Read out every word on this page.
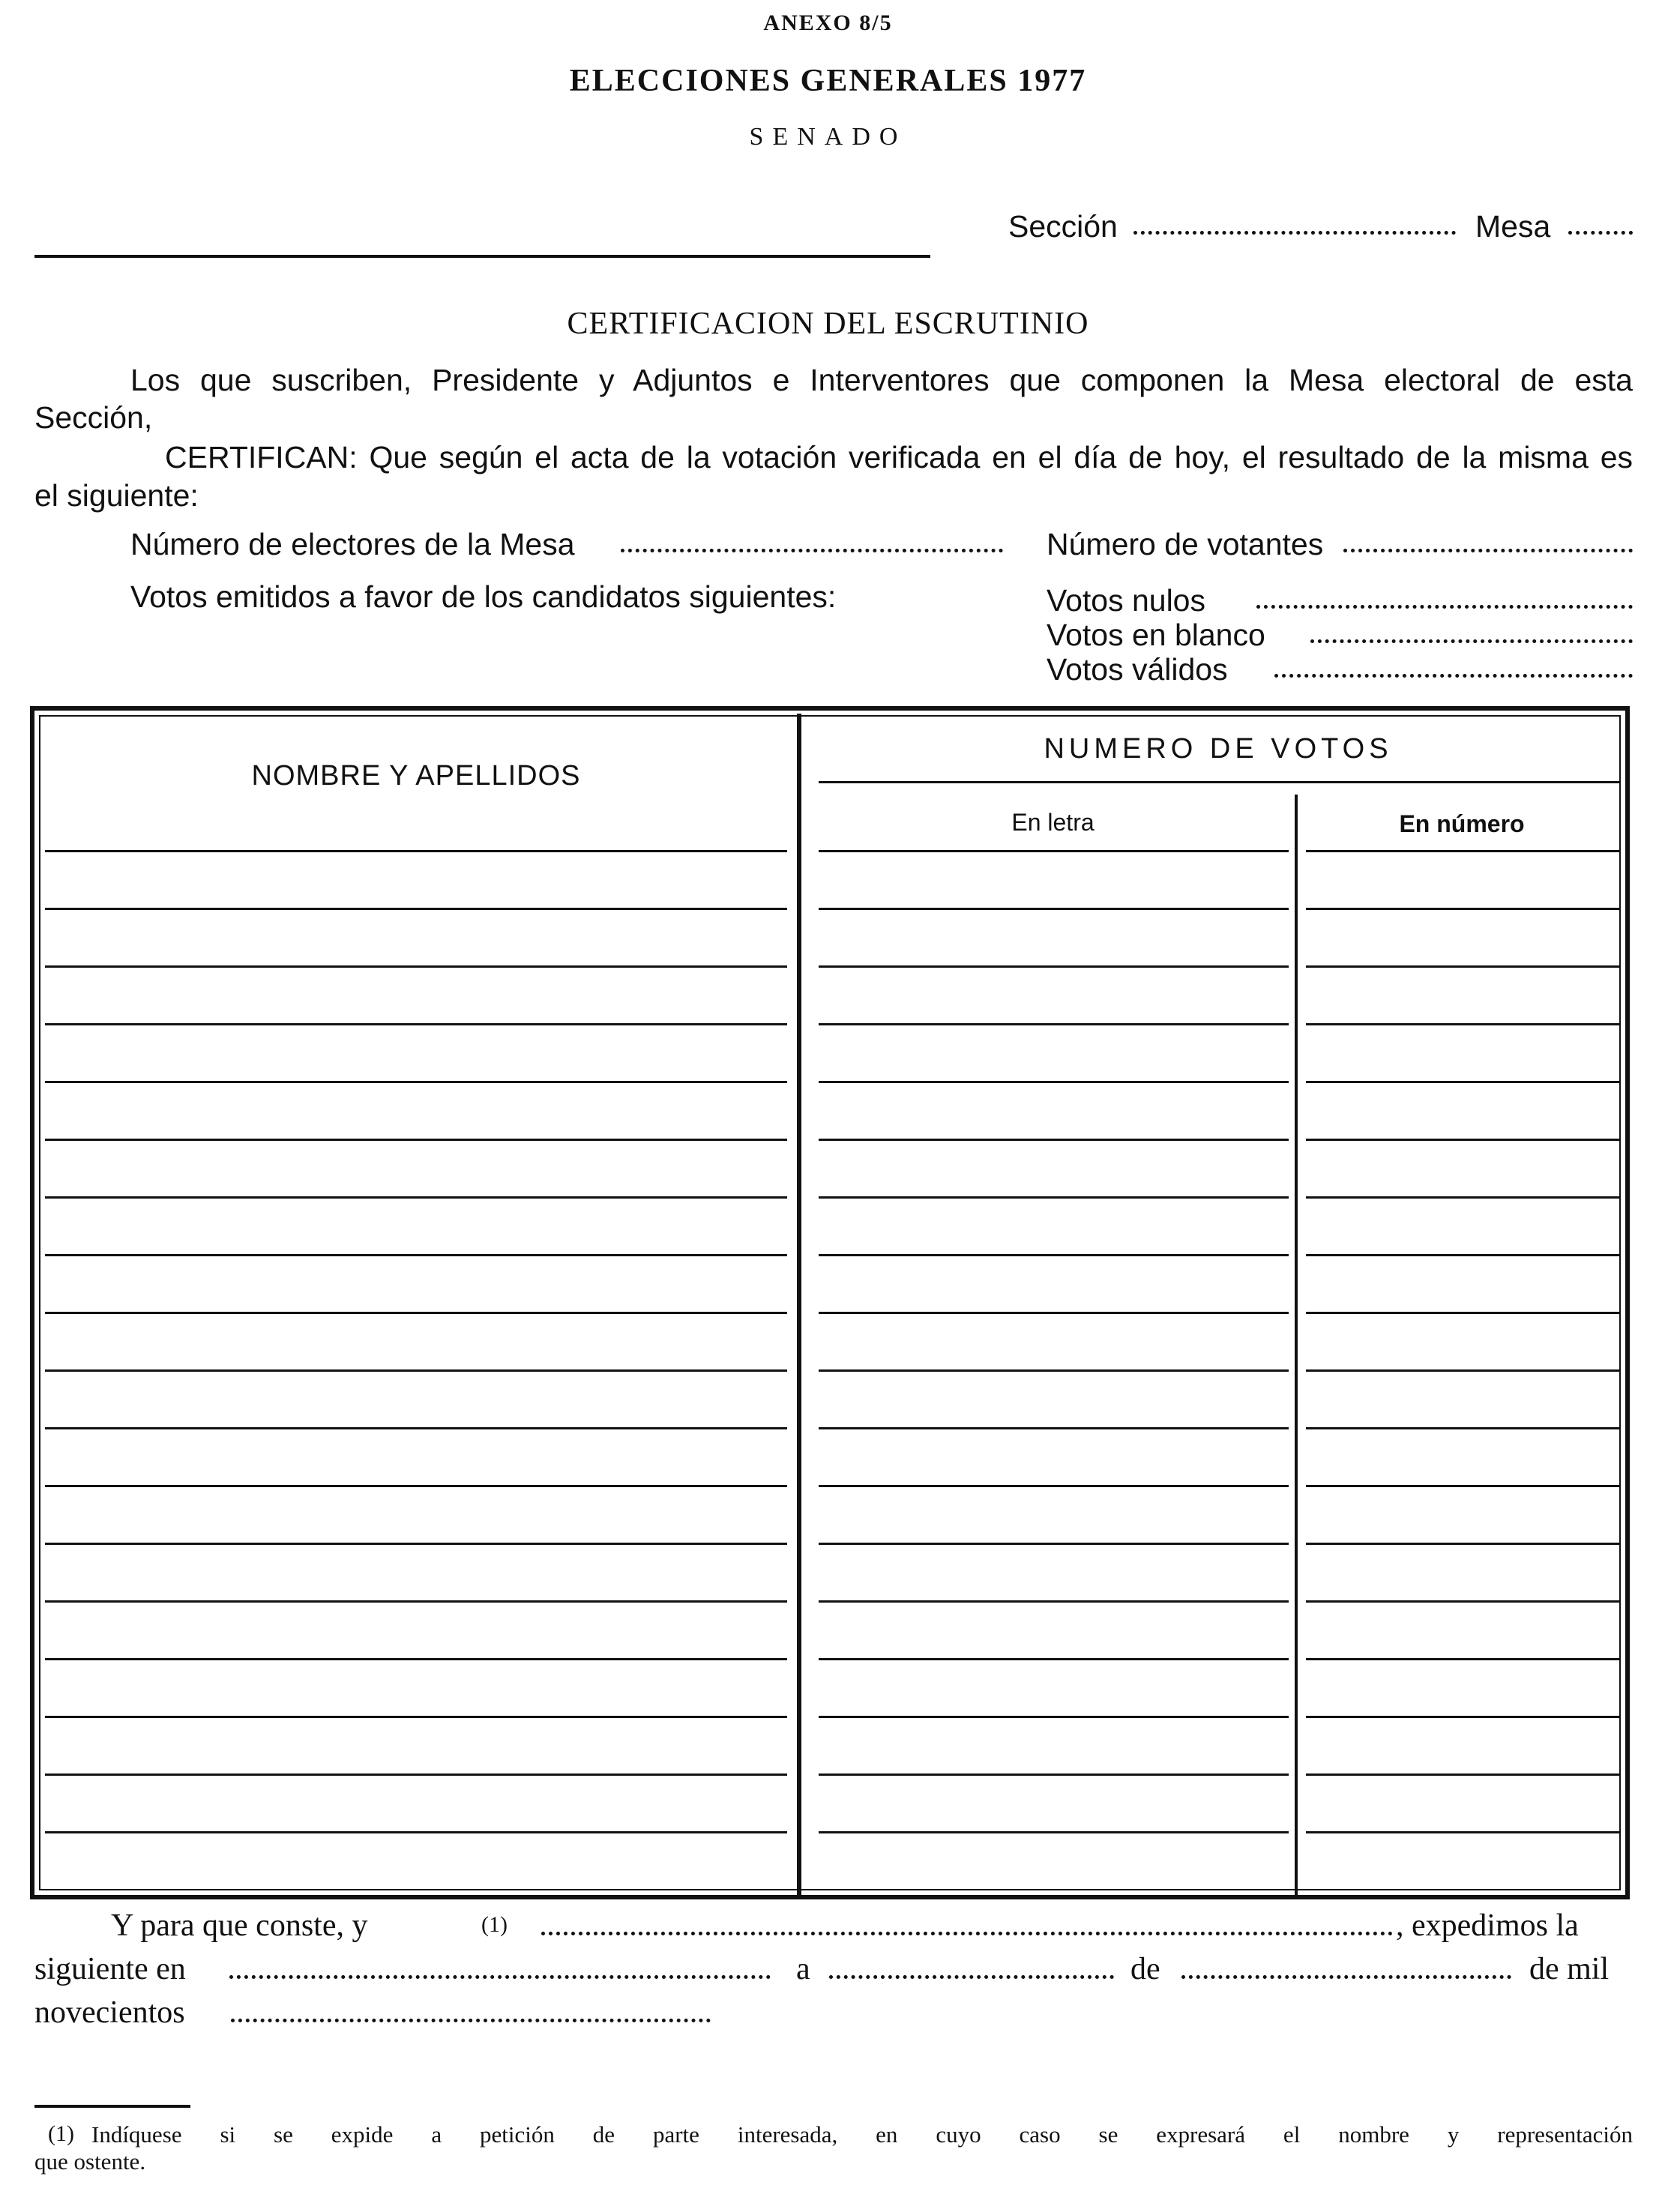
ANEXO 8/5
ELECCIONES GENERALES 1977
SENADO
Sección	Mesa
CERTIFICACION DEL ESCRUTINIO
Los que suscriben, Presidente y Adjuntos e Interventores que componen la Mesa electoral de esta
Sección,
CERTIFICAN: Que según el acta de la votación verificada en el día de hoy, el resultado de la misma es
el siguiente:
Número de electores de la Mesa	Número de votantes
Votos emitidos a favor de los candidatos siguientes:	Votos nulos
Votos en blanco
Votos válidos
NOMBRE Y APELLIDOS
NUMERO DE VOTOS
En letra	En número
Y para que conste, y	(1)	, expedimos la
siguiente en	a	de	de mil
novecientos
(1) Indíquese si se expide a petición de parte interesada, en cuyo caso se expresará el nombre y representación
que ostente.
